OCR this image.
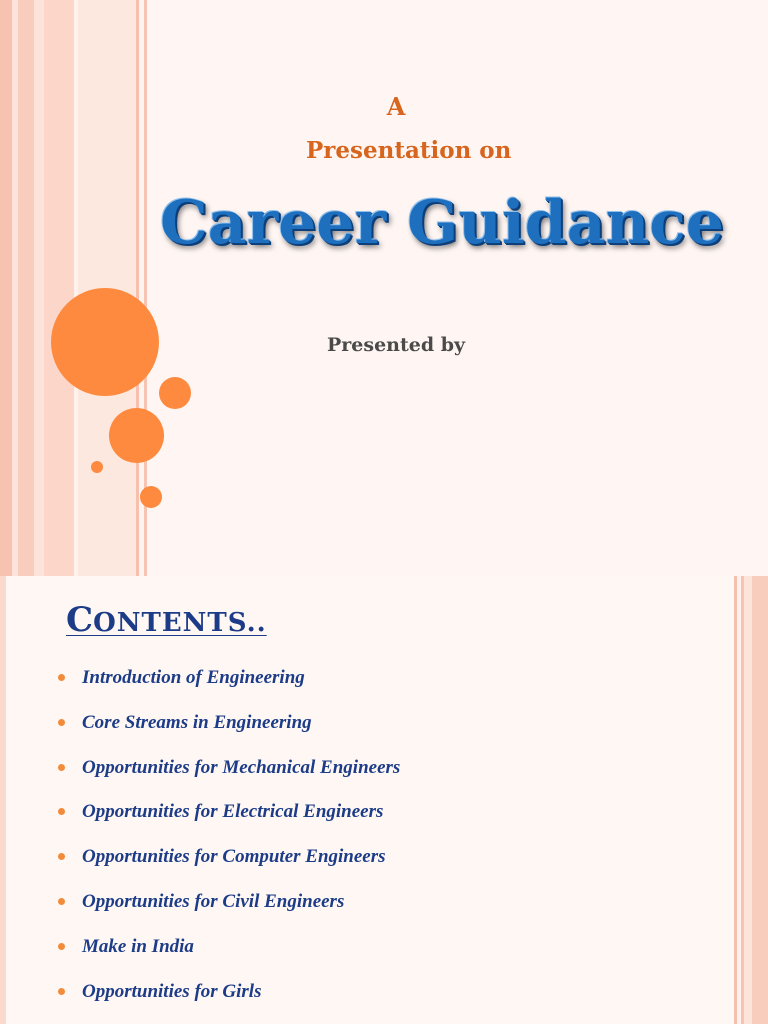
A
Presentation on
Career Guidance
Presented by
CONTENTS..
Introduction of Engineering
Core Streams in Engineering
Opportunities for Mechanical Engineers
Opportunities for Electrical Engineers
Opportunities for Computer Engineers
Opportunities for Civil Engineers
Make in India
Opportunities for Girls
